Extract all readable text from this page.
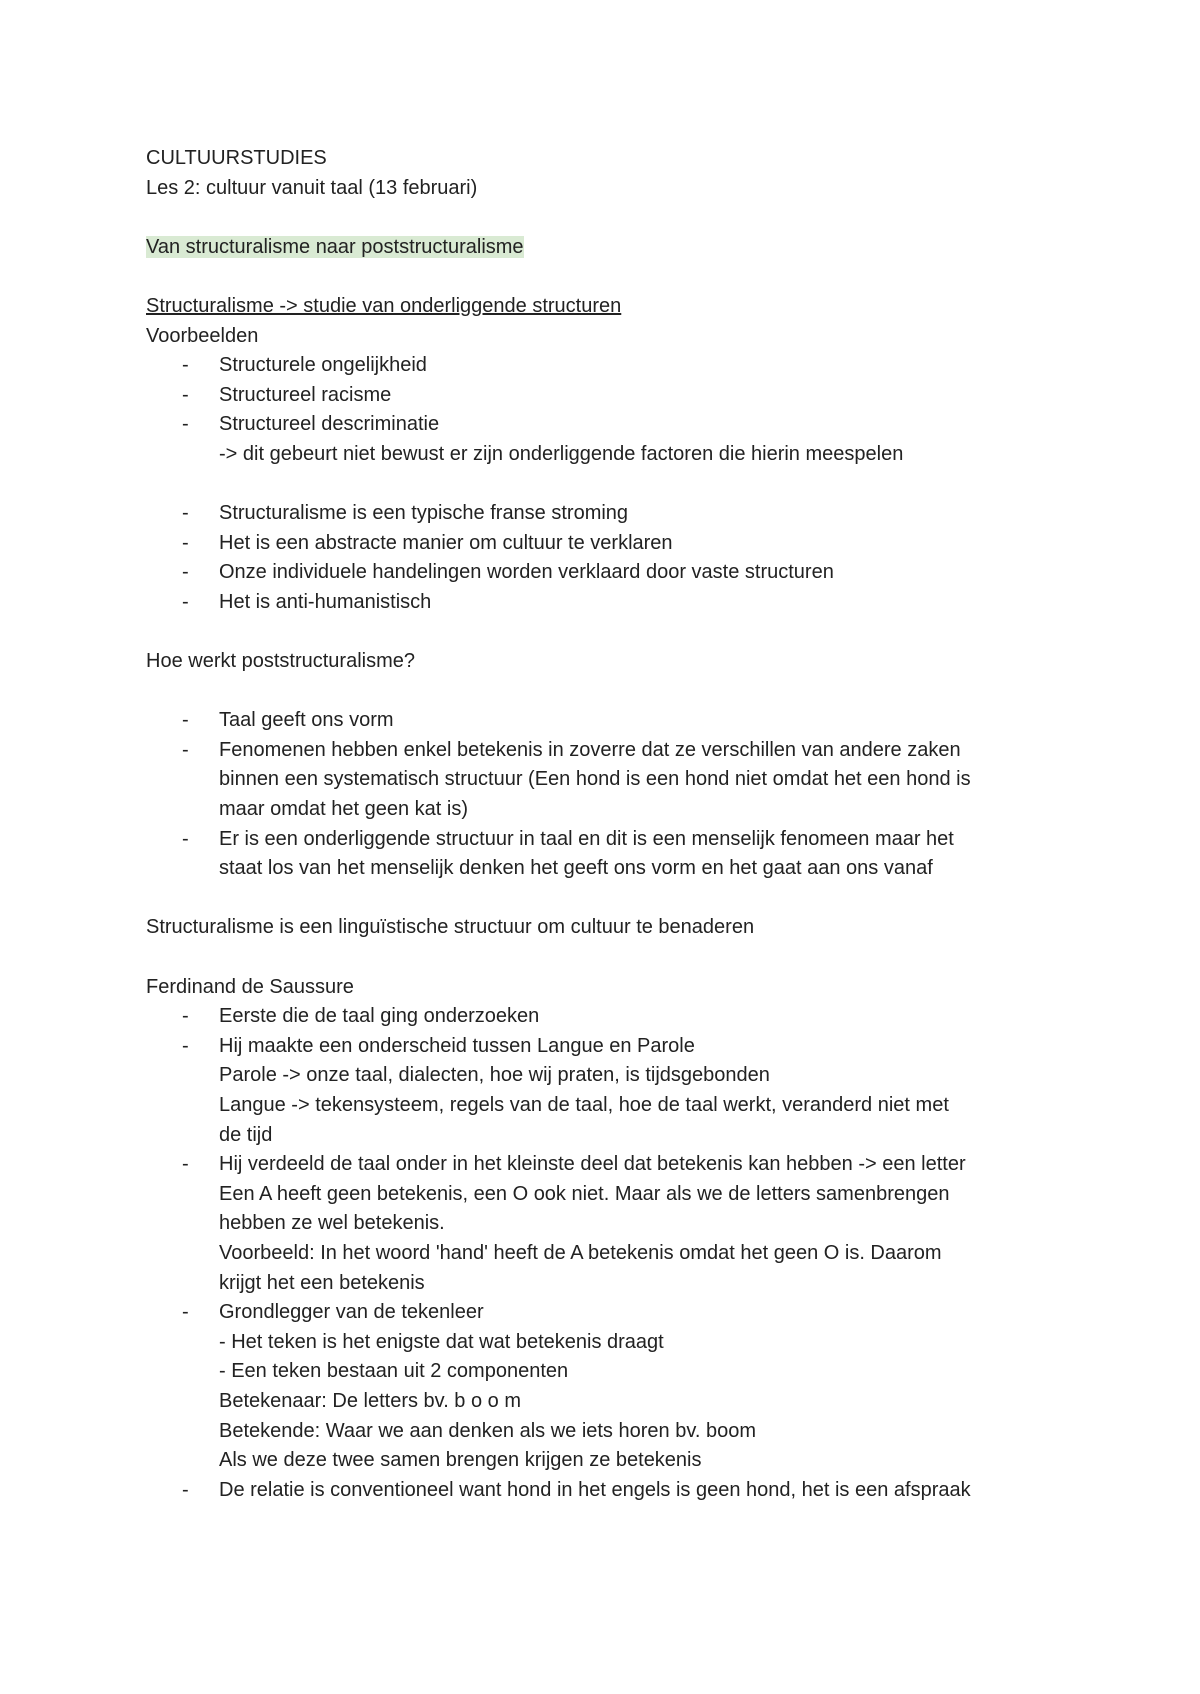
CULTUURSTUDIES
Les 2: cultuur vanuit taal (13 februari)
Van structuralisme naar poststructuralisme
Structuralisme -> studie van onderliggende structuren
Voorbeelden
-	Structurele ongelijkheid
-	Structureel racisme
-	Structureel descriminatie
-> dit gebeurt niet bewust er zijn onderliggende factoren die hierin meespelen
-	Structuralisme is een typische franse stroming
-	Het is een abstracte manier om cultuur te verklaren
-	Onze individuele handelingen worden verklaard door vaste structuren
-	Het is anti-humanistisch
Hoe werkt poststructuralisme?
-	Taal geeft ons vorm
-	Fenomenen hebben enkel betekenis in zoverre dat ze verschillen van andere zaken
binnen een systematisch structuur (Een hond is een hond niet omdat het een hond is
maar omdat het geen kat is)
-	Er is een onderliggende structuur in taal en dit is een menselijk fenomeen maar het
staat los van het menselijk denken het geeft ons vorm en het gaat aan ons vanaf
Structuralisme is een linguïstische structuur om cultuur te benaderen
Ferdinand de Saussure
-	Eerste die de taal ging onderzoeken
-	Hij maakte een onderscheid tussen Langue en Parole
Parole -> onze taal, dialecten, hoe wij praten, is tijdsgebonden
Langue -> tekensysteem, regels van de taal, hoe de taal werkt, veranderd niet met
de tijd
-	Hij verdeeld de taal onder in het kleinste deel dat betekenis kan hebben -> een letter
Een A heeft geen betekenis, een O ook niet. Maar als we de letters samenbrengen
hebben ze wel betekenis.
Voorbeeld: In het woord 'hand' heeft de A betekenis omdat het geen O is. Daarom
krijgt het een betekenis
-	Grondlegger van de tekenleer
- Het teken is het enigste dat wat betekenis draagt
- Een teken bestaan uit 2 componenten
Betekenaar: De letters bv. b o o m
Betekende: Waar we aan denken als we iets horen bv. boom
Als we deze twee samen brengen krijgen ze betekenis
-	De relatie is conventioneel want hond in het engels is geen hond, het is een afspraak
